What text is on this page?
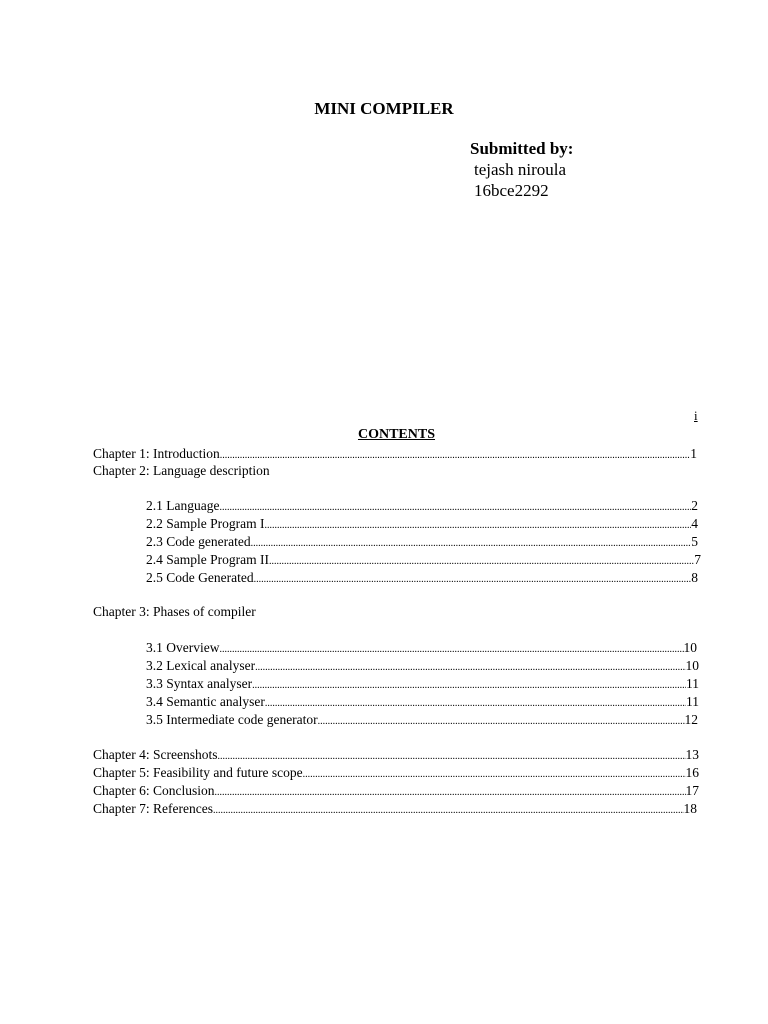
MINI COMPILER
Submitted by:
tejash niroula
16bce2292
i
CONTENTS
Chapter 1: Introduction .....	1
Chapter 2: Language description
2.1 Language .....	2
2.2 Sample Program I .....	4
2.3 Code generated .....	5
2.4 Sample Program II .....	7
2.5 Code Generated .....	8
Chapter 3: Phases of compiler
3.1 Overview .....	10
3.2 Lexical analyser .....	10
3.3 Syntax analyser .....	11
3.4 Semantic analyser .....	11
3.5 Intermediate code generator .....	12
Chapter 4: Screenshots .....	13
Chapter 5: Feasibility and future scope .....	16
Chapter 6: Conclusion .....	17
Chapter 7: References .....	18
